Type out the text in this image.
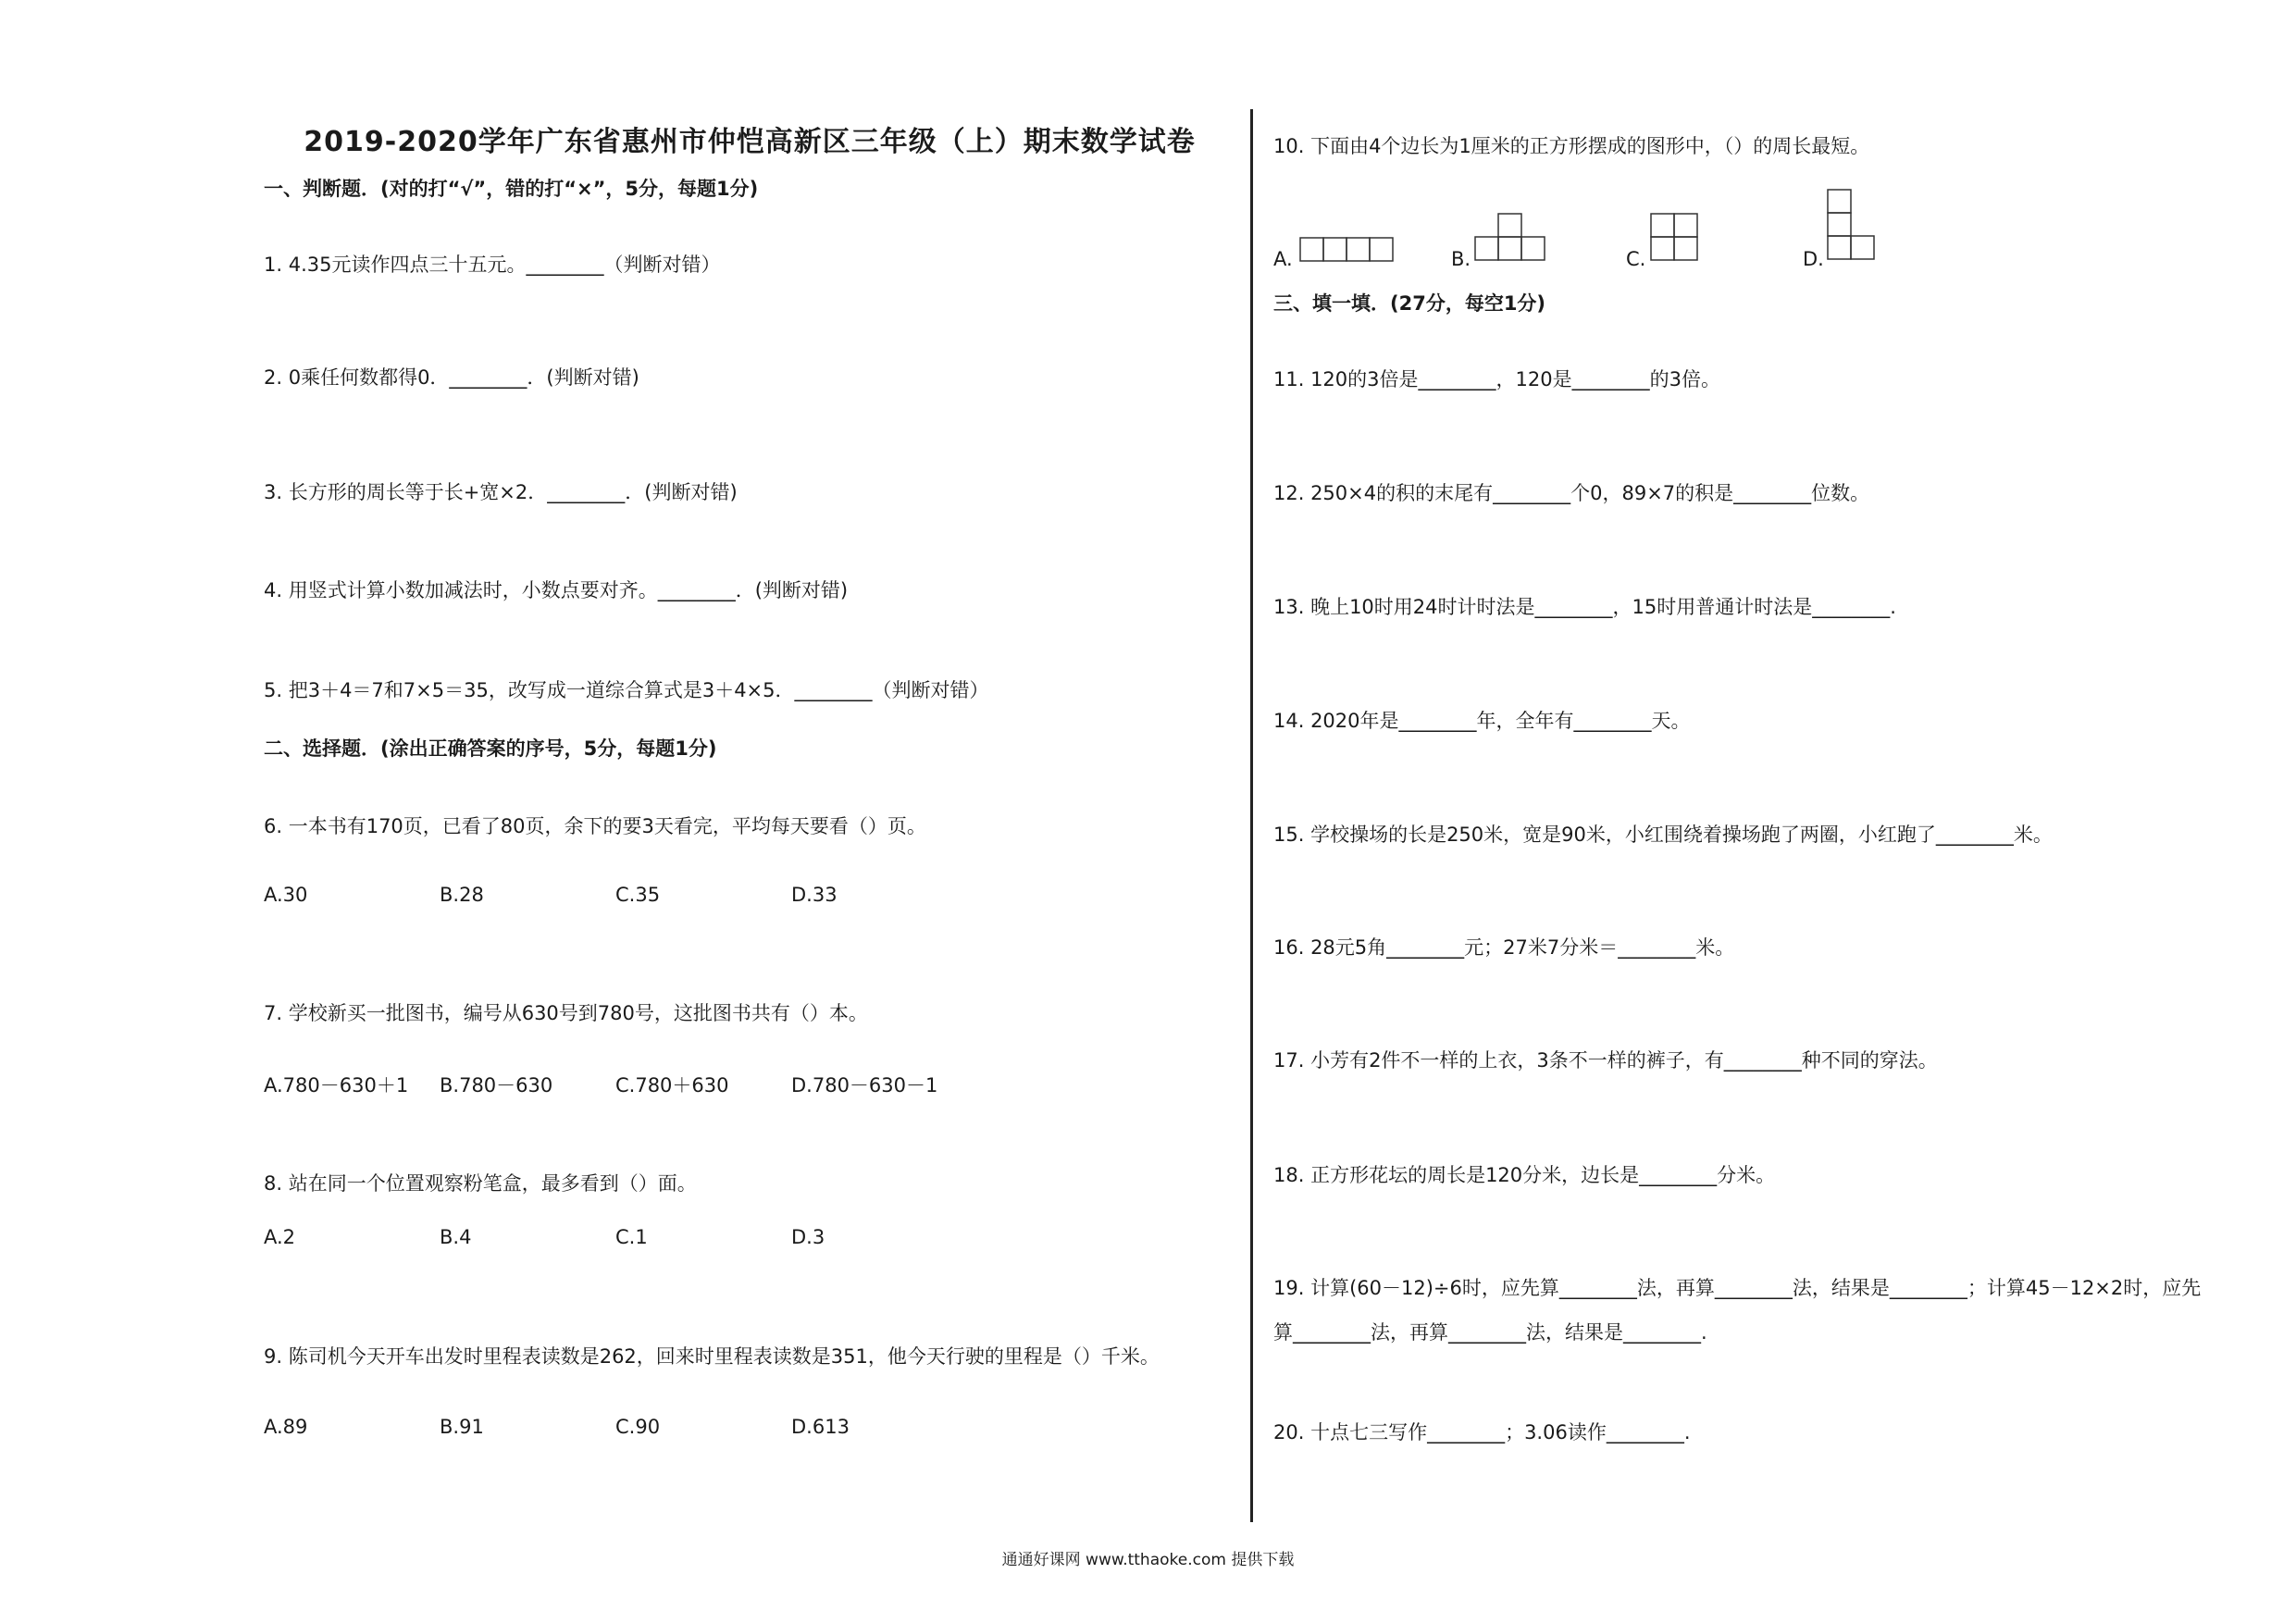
2019-2020学年广东省惠州市仲恺高新区三年级（上）期末数学试卷
一、判断题．(对的打“√”，错的打“×”，5分，每题1分)
1. 4.35元读作四点三十五元。________（判断对错）
2. 0乘任何数都得0．________．(判断对错)
3. 长方形的周长等于长+宽×2．________．(判断对错)
4. 用竖式计算小数加减法时，小数点要对齐。________．(判断对错)
5. 把3＋4＝7和7×5＝35，改写成一道综合算式是3＋4×5．________（判断对错）
二、选择题．(涂出正确答案的序号，5分，每题1分)
6. 一本书有170页，已看了80页，余下的要3天看完，平均每天要看（）页。
A.30	B.28	C.35	D.33
7. 学校新买一批图书，编号从630号到780号，这批图书共有（）本。
A.780－630＋1 B.780－630	C.780＋630	D.780－630－1
8. 站在同一个位置观察粉笔盒，最多看到（）面。
A.2	B.4	C.1	D.3
9. 陈司机今天开车出发时里程表读数是262，回来时里程表读数是351，他今天行驶的里程是（）千米。
A.89	B.91	C.90	D.613
10. 下面由4个边长为1厘米的正方形摆成的图形中，（）的周长最短。
A.	B.	C.	D.
三、填一填．(27分，每空1分)
11. 120的3倍是________，120是________的3倍。
12. 250×4的积的末尾有________个0，89×7的积是________位数。
13. 晚上10时用24时计时法是________，15时用普通计时法是________.
14. 2020年是________年，全年有________天。
15. 学校操场的长是250米，宽是90米，小红围绕着操场跑了两圈，小红跑了________米。
16. 28元5角________元；27米7分米＝________米。
17. 小芳有2件不一样的上衣，3条不一样的裤子，有________种不同的穿法。
18. 正方形花坛的周长是120分米，边长是________分米。
19. 计算(60－12)÷6时，应先算________法，再算________法，结果是________；计算45－12×2时，应先
算________法，再算________法，结果是________.
20. 十点七三写作________；3.06读作________.
通通好课网 www.tthaoke.com 提供下载
